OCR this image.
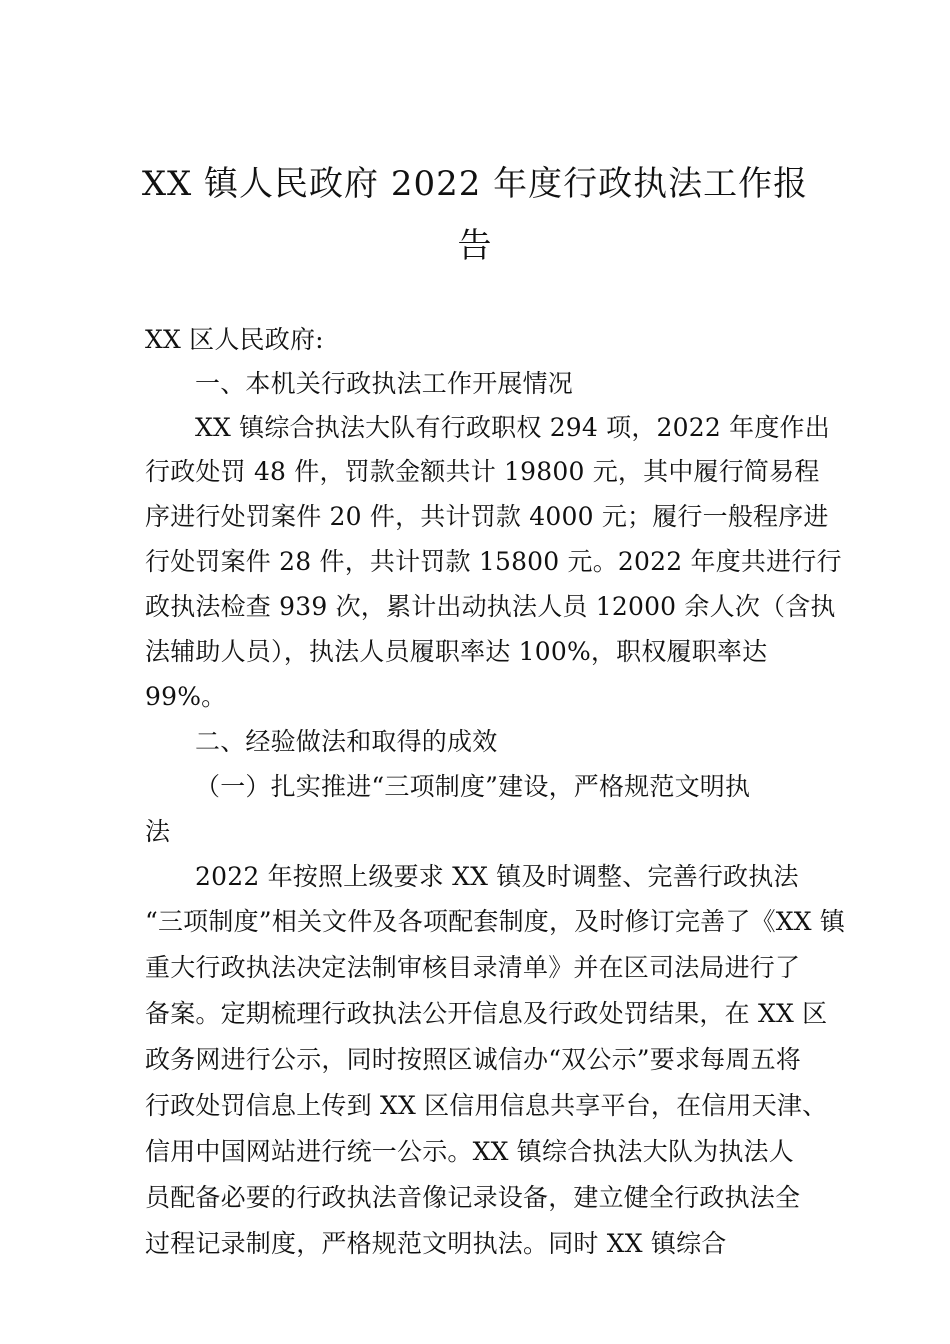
XX 镇人民政府 2022 年度行政执法工作报
告
XX 区人民政府:
一、本机关行政执法工作开展情况
XX 镇综合执法大队有行政职权 294 项，2022 年度作出
行政处罚 48 件，罚款金额共计 19800 元，其中履行简易程
序进行处罚案件 20 件，共计罚款 4000 元；履行一般程序进
行处罚案件 28 件，共计罚款 15800 元。2022 年度共进行行
政执法检查 939 次，累计出动执法人员 12000 余人次（含执
法辅助人员），执法人员履职率达 100%，职权履职率达
99%。
二、经验做法和取得的成效
（一）扎实推进“三项制度”建设，严格规范文明执
法
2022 年按照上级要求 XX 镇及时调整、完善行政执法
“三项制度”相关文件及各项配套制度，及时修订完善了《XX 镇
重大行政执法决定法制审核目录清单》并在区司法局进行了
备案。定期梳理行政执法公开信息及行政处罚结果，在 XX 区
政务网进行公示，同时按照区诚信办“双公示”要求每周五将
行政处罚信息上传到 XX 区信用信息共享平台，在信用天津、
信用中国网站进行统一公示。XX 镇综合执法大队为执法人
员配备必要的行政执法音像记录设备，建立健全行政执法全
过程记录制度，严格规范文明执法。同时 XX 镇综合
